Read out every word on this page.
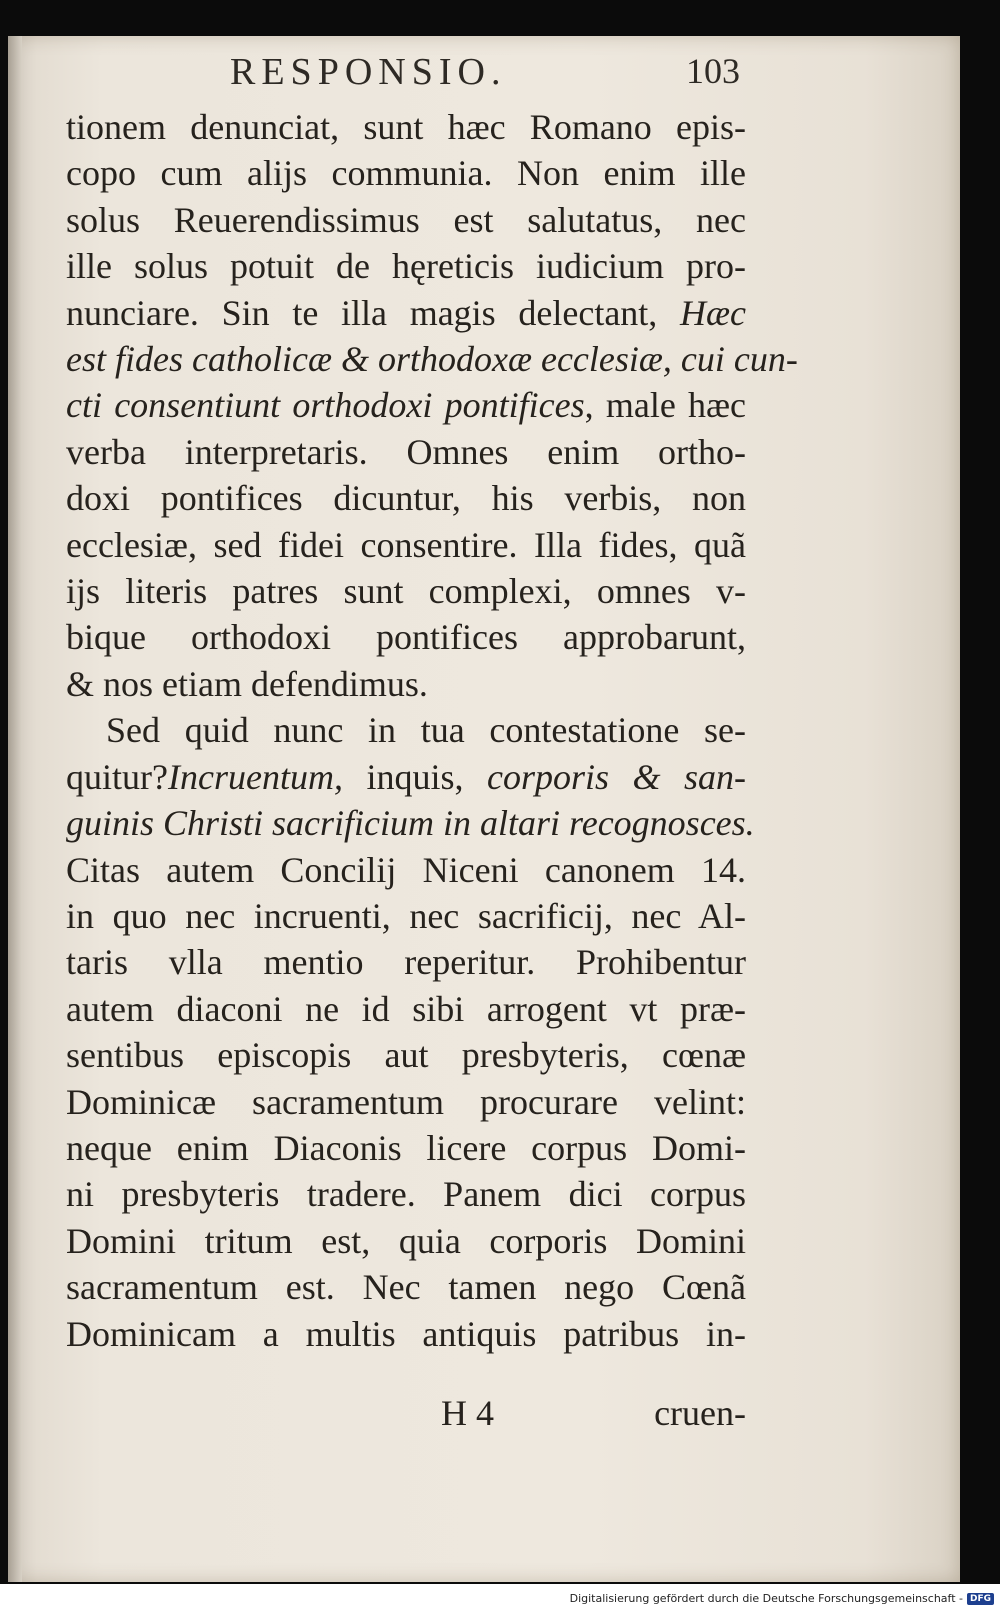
RESPONSIO.	103
tionem denunciat, sunt hæc Romano epis-
copo cum alijs communia. Non enim ille
solus Reuerendissimus est salutatus, nec
ille solus potuit de hęreticis iudicium pro-
nunciare. Sin te illa magis delectant, Hæc
est fides catholicæ & orthodoxæ ecclesiæ, cui cun-
cti consentiunt orthodoxi pontifices, male hæc
verba interpretaris. Omnes enim ortho-
doxi pontifices dicuntur, his verbis, non
ecclesiæ, sed fidei consentire. Illa fides, quã
ijs literis patres sunt complexi, omnes v-
bique orthodoxi pontifices approbarunt,
& nos etiam defendimus.
Sed quid nunc in tua contestatione se-
quitur?Incruentum, inquis, corporis & san-
guinis Christi sacrificium in altari recognosces.
Citas autem Concilij Niceni canonem 14.
in quo nec incruenti, nec sacrificij, nec Al-
taris vlla mentio reperitur. Prohibentur
autem diaconi ne id sibi arrogent vt præ-
sentibus episcopis aut presbyteris, cœnæ
Dominicæ sacramentum procurare velint:
neque enim Diaconis licere corpus Domi-
ni presbyteris tradere. Panem dici corpus
Domini tritum est, quia corporis Domini
sacramentum est. Nec tamen nego Cœnã
Dominicam a multis antiquis patribus in-
H 4	cruen-
Digitalisierung gefördert durch die Deutsche Forschungsgemeinschaft - DFG
